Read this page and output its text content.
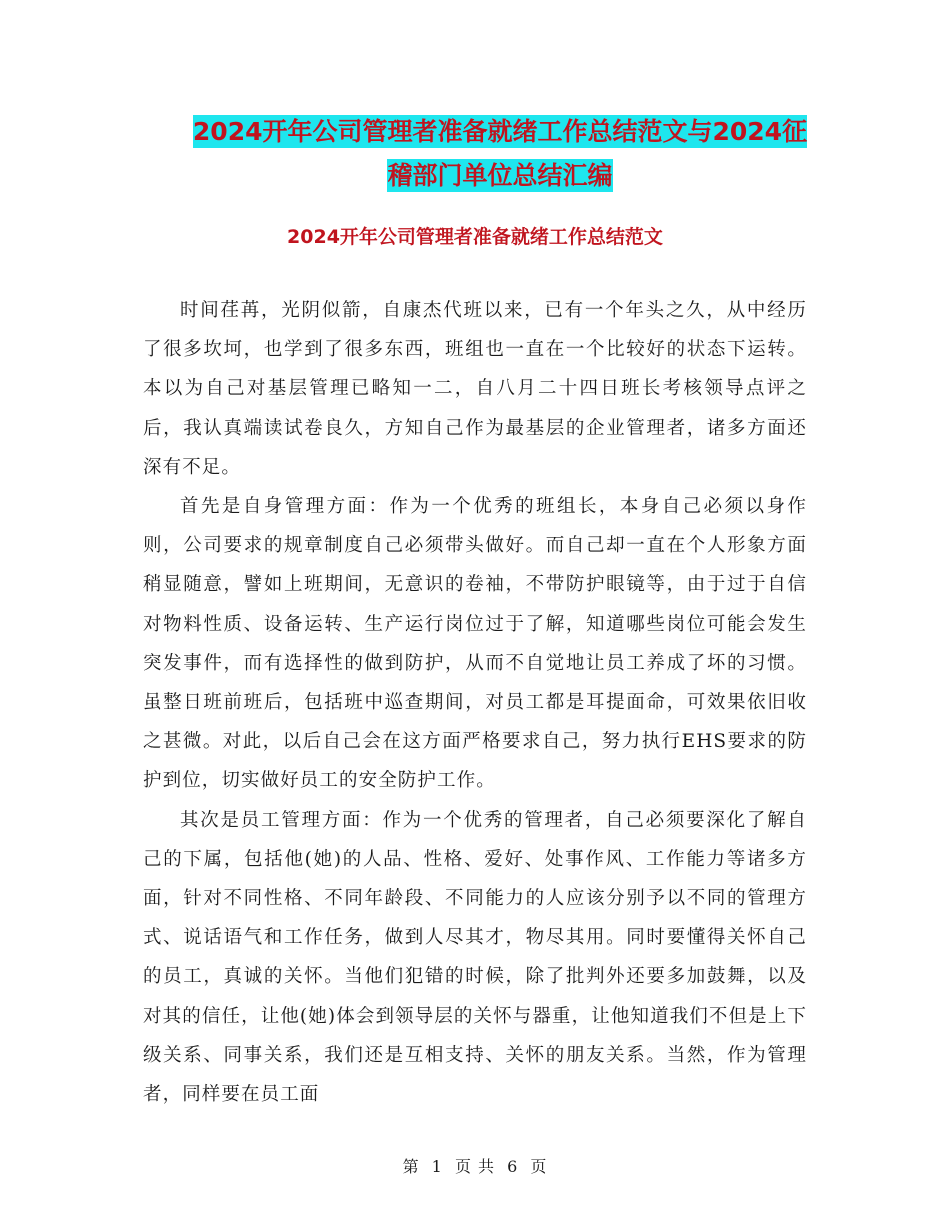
2024开年公司管理者准备就绪工作总结范文与2024征
稽部门单位总结汇编
2024开年公司管理者准备就绪工作总结范文

时间荏苒，光阴似箭，自康杰代班以来，已有一个年头之久，从中经历了很多坎坷，也学到了很多东西，班组也一直在一个比较好的状态下运转。本以为自己对基层管理已略知一二，自八月二十四日班长考核领导点评之后，我认真端读试卷良久，方知自己作为最基层的企业管理者，诸多方面还深有不足。

首先是自身管理方面：作为一个优秀的班组长，本身自己必须以身作则，公司要求的规章制度自己必须带头做好。而自己却一直在个人形象方面稍显随意，譬如上班期间，无意识的卷袖，不带防护眼镜等，由于过于自信对物料性质、设备运转、生产运行岗位过于了解，知道哪些岗位可能会发生突发事件，而有选择性的做到防护，从而不自觉地让员工养成了坏的习惯。虽整日班前班后，包括班中巡查期间，对员工都是耳提面命，可效果依旧收之甚微。对此，以后自己会在这方面严格要求自己，努力执行EHS要求的防护到位，切实做好员工的安全防护工作。

其次是员工管理方面：作为一个优秀的管理者，自己必须要深化了解自己的下属，包括他(她)的人品、性格、爱好、处事作风、工作能力等诸多方面，针对不同性格、不同年龄段、不同能力的人应该分别予以不同的管理方式、说话语气和工作任务，做到人尽其才，物尽其用。同时要懂得关怀自己的员工，真诚的关怀。当他们犯错的时候，除了批判外还要多加鼓舞，以及对其的信任，让他(她)体会到领导层的关怀与器重，让他知道我们不但是上下级关系、同事关系，我们还是互相支持、关怀的朋友关系。当然，作为管理者，同样要在员工面

第 1 页 共 6 页
